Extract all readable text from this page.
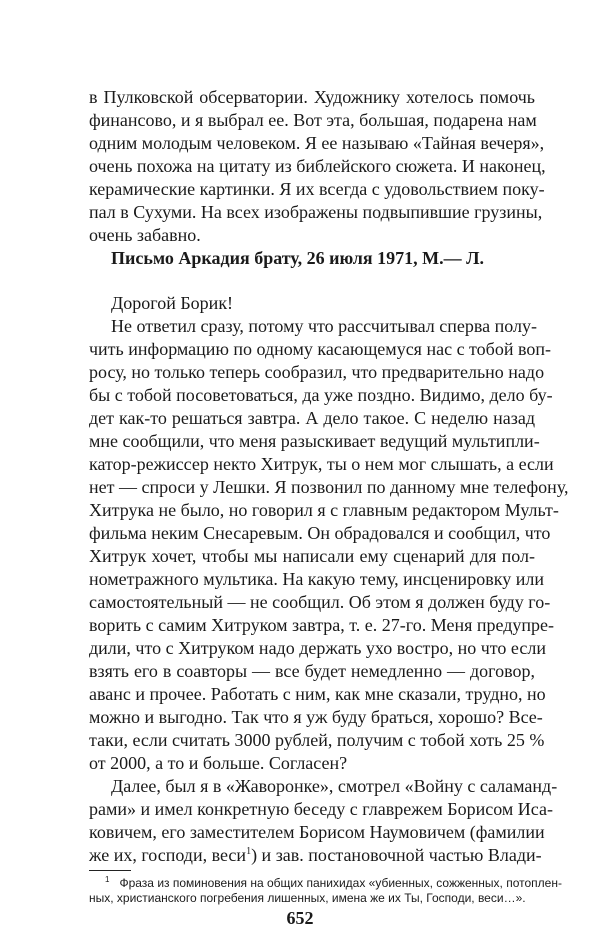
в Пулковской обсерватории. Художнику хотелось помочь
финансово, и я выбрал ее. Вот эта, большая, подарена нам
одним молодым человеком. Я ее называю «Тайная вечеря»,
очень похожа на цитату из библейского сюжета. И наконец,
керамические картинки. Я их всегда с удовольствием поку-
пал в Сухуми. На всех изображены подвыпившие грузины,
очень забавно.
Письмо Аркадия брату, 26 июля 1971, М.— Л.
Дорогой Борик!
Не ответил сразу, потому что рассчитывал сперва полу-
чить информацию по одному касающемуся нас с тобой воп-
росу, но только теперь сообразил, что предварительно надо
бы с тобой посоветоваться, да уже поздно. Видимо, дело бу-
дет как-то решаться завтра. А дело такое. С неделю назад
мне сообщили, что меня разыскивает ведущий мультипли-
катор-режиссер некто Хитрук, ты о нем мог слышать, а если
нет — спроси у Лешки. Я позвонил по данному мне телефону,
Хитрука не было, но говорил я с главным редактором Мульт-
фильма неким Снесаревым. Он обрадовался и сообщил, что
Хитрук хочет, чтобы мы написали ему сценарий для пол-
нометражного мультика. На какую тему, инсценировку или
самостоятельный — не сообщил. Об этом я должен буду го-
ворить с самим Хитруком завтра, т. е. 27-го. Меня предупре-
дили, что с Хитруком надо держать ухо востро, но что если
взять его в соавторы — все будет немедленно — договор,
аванс и прочее. Работать с ним, как мне сказали, трудно, но
можно и выгодно. Так что я уж буду браться, хорошо? Все-
таки, если считать 3000 рублей, получим с тобой хоть 25 %
от 2000, а то и больше. Согласен?
Далее, был я в «Жаворонке», смотрел «Войну с саламанд-
рами» и имел конкретную беседу с главрежем Борисом Иса-
ковичем, его заместителем Борисом Наумовичем (фамилии
же их, господи, веси$^1$) и зав. постановочной частью Влади-
$^1$ Фраза из поминовения на общих панихидах «убиенных, сожженных, потоплен-
ных, христианского погребения лишенных, имена же их Ты, Господи, веси…».
652
